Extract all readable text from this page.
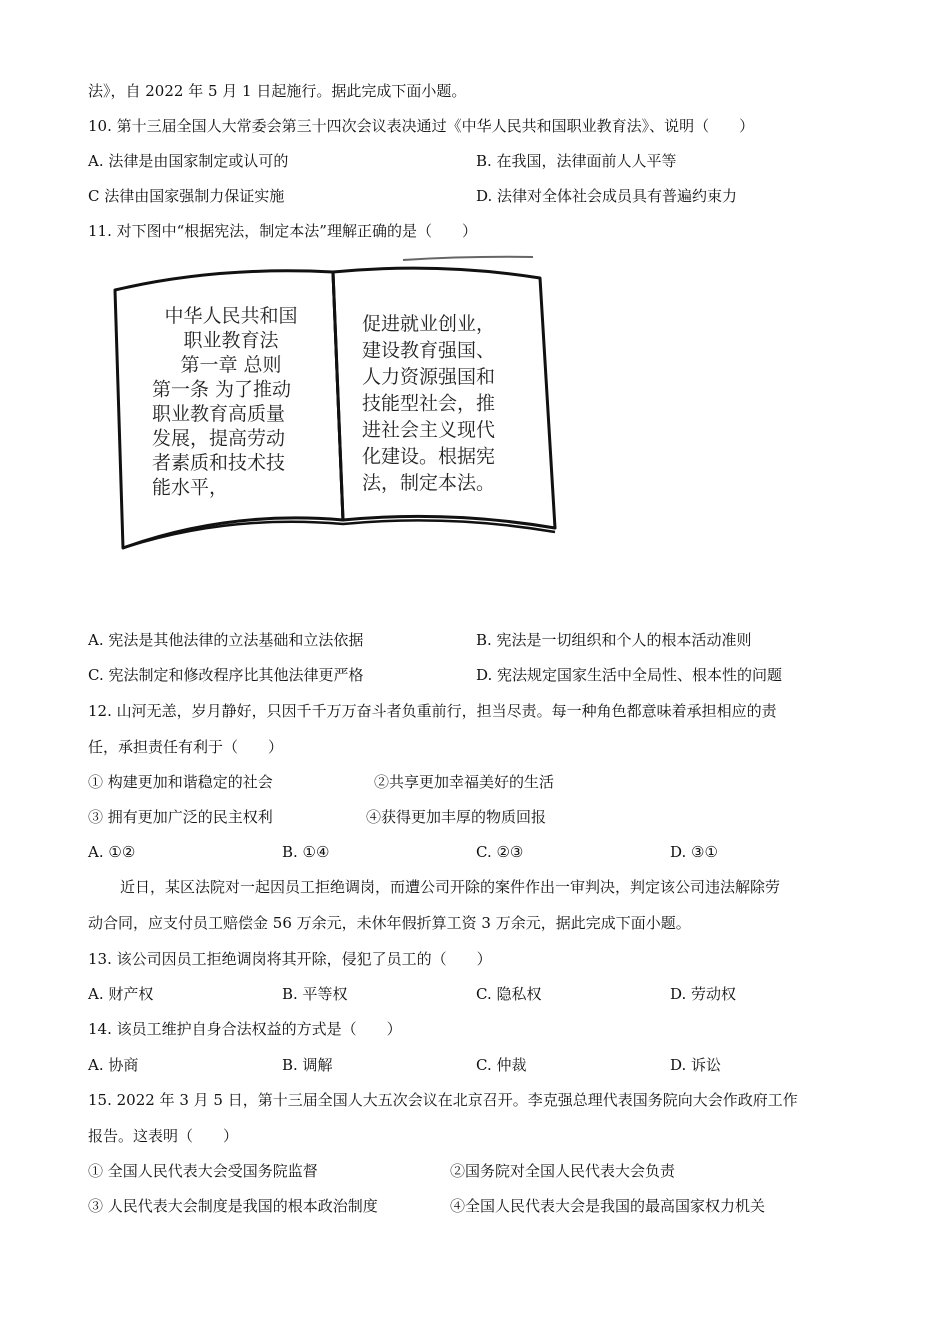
法》，自 2022 年 5 月 1 日起施行。据此完成下面小题。
10. 第十三届全国人大常委会第三十四次会议表决通过《中华人民共和国职业教育法》、说明（　　）
A. 法律是由国家制定或认可的	B. 在我国，法律面前人人平等
C 法律由国家强制力保证实施	D. 法律对全体社会成员具有普遍约束力
11. 对下图中“根据宪法，制定本法”理解正确的是（　　）
中华人民共和国
职业教育法
第一章 总则
第一条 为了推动
职业教育高质量
发展，提高劳动
者素质和技术技
能水平，
促进就业创业，
建设教育强国、
人力资源强国和
技能型社会，推
进社会主义现代
化建设。根据宪
法，制定本法。
A. 宪法是其他法律的立法基础和立法依据	B. 宪法是一切组织和个人的根本活动准则
C. 宪法制定和修改程序比其他法律更严格	D. 宪法规定国家生活中全局性、根本性的问题
12. 山河无恙，岁月静好，只因千千万万奋斗者负重前行，担当尽责。每一种角色都意味着承担相应的责
任，承担责任有利于（　　）
① 构建更加和谐稳定的社会	②共享更加幸福美好的生活
③ 拥有更加广泛的民主权利	④获得更加丰厚的物质回报
A. ①②	B. ①④	C. ②③	D. ③①
近日，某区法院对一起因员工拒绝调岗，而遭公司开除的案件作出一审判决，判定该公司违法解除劳
动合同，应支付员工赔偿金 56 万余元，未休年假折算工资 3 万余元，据此完成下面小题。
13. 该公司因员工拒绝调岗将其开除，侵犯了员工的（　　）
A. 财产权	B. 平等权	C. 隐私权	D. 劳动权
14. 该员工维护自身合法权益的方式是（　　）
A. 协商	B. 调解	C. 仲裁	D. 诉讼
15. 2022 年 3 月 5 日，第十三届全国人大五次会议在北京召开。李克强总理代表国务院向大会作政府工作
报告。这表明（　　）
① 全国人民代表大会受国务院监督	②国务院对全国人民代表大会负责
③ 人民代表大会制度是我国的根本政治制度	④全国人民代表大会是我国的最高国家权力机关
